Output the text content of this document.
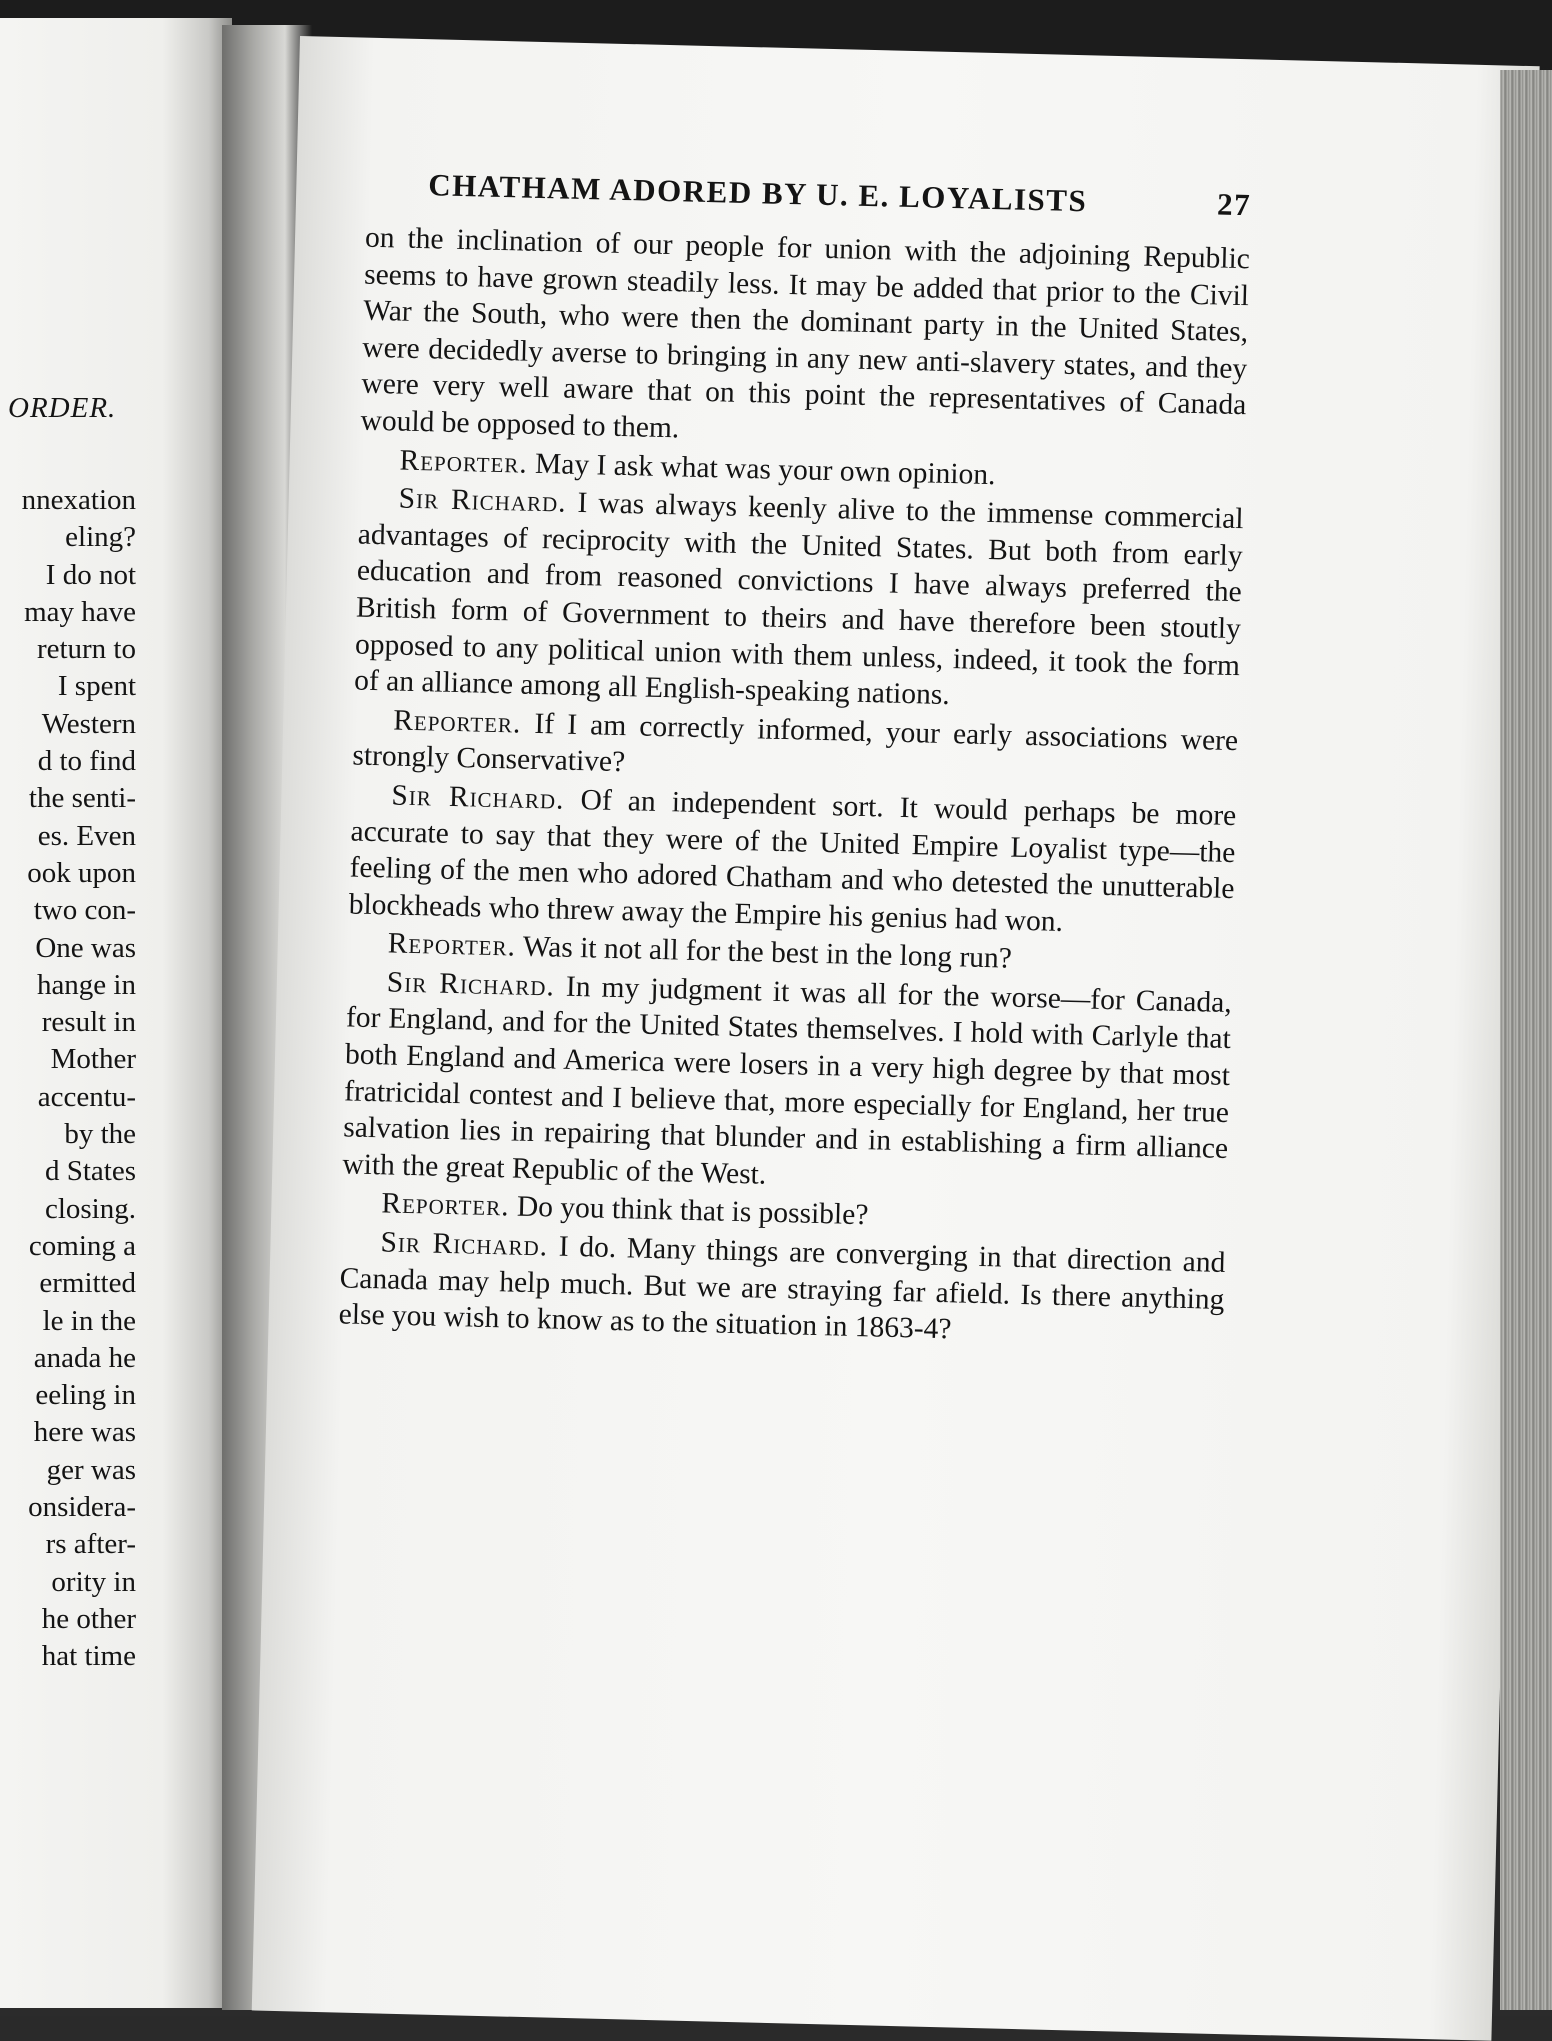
ORDER.
nnexation
eling?
I do not
may have
return to
I spent
Western
d to find
the senti-
es. Even
ook upon
two con-
One was
hange in
result in
Mother
accentu-
by the
d States
closing.
coming a
ermitted
le in the
anada he
eeling in
here was
ger was
onsidera-
rs after-
ority in
he other
hat time
CHATHAM ADORED BY U. E. LOYALISTS	27

on the inclination of our people for union with the adjoining Republic seems to have grown steadily less. It may be added that prior to the Civil War the South, who were then the dominant party in the United States, were decidedly averse to bringing in any new anti-slavery states, and they were very well aware that on this point the representatives of Canada would be opposed to them.

Reporter. May I ask what was your own opinion.

Sir Richard. I was always keenly alive to the immense commercial advantages of reciprocity with the United States. But both from early education and from reasoned convictions I have always preferred the British form of Government to theirs and have therefore been stoutly opposed to any political union with them unless, indeed, it took the form of an alliance among all English-speaking nations.

Reporter. If I am correctly informed, your early associations were strongly Conservative?

Sir Richard. Of an independent sort. It would perhaps be more accurate to say that they were of the United Empire Loyalist type—the feeling of the men who adored Chatham and who detested the unutterable blockheads who threw away the Empire his genius had won.

Reporter. Was it not all for the best in the long run?

Sir Richard. In my judgment it was all for the worse—for Canada, for England, and for the United States themselves. I hold with Carlyle that both England and America were losers in a very high degree by that most fratricidal contest and I believe that, more especially for England, her true salvation lies in repairing that blunder and in establishing a firm alliance with the great Republic of the West.

Reporter. Do you think that is possible?

Sir Richard. I do. Many things are converging in that direction and Canada may help much. But we are straying far afield. Is there anything else you wish to know as to the situation in 1863-4?
